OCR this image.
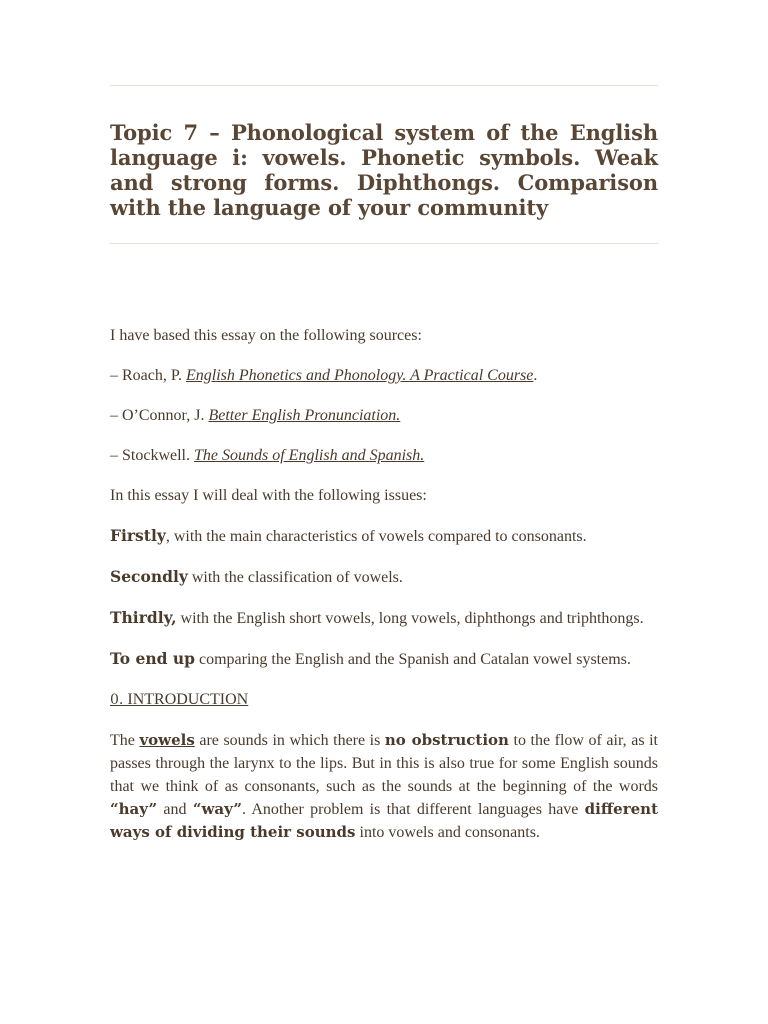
Topic 7 – Phonological system of the English language i: vowels. Phonetic symbols. Weak and strong forms. Diphthongs. Comparison with the language of your community

I have based this essay on the following sources:

– Roach, P. English Phonetics and Phonology. A Practical Course.

– O’Connor, J. Better English Pronunciation.

– Stockwell. The Sounds of English and Spanish.

In this essay I will deal with the following issues:

Firstly, with the main characteristics of vowels compared to consonants.

Secondly with the classification of vowels.

Thirdly, with the English short vowels, long vowels, diphthongs and triphthongs.

To end up comparing the English and the Spanish and Catalan vowel systems.

0. INTRODUCTION

The vowels are sounds in which there is no obstruction to the flow of air, as it passes through the larynx to the lips. But in this is also true for some English sounds that we think of as consonants, such as the sounds at the beginning of the words “hay” and “way”. Another problem is that different languages have different ways of dividing their sounds into vowels and consonants.
